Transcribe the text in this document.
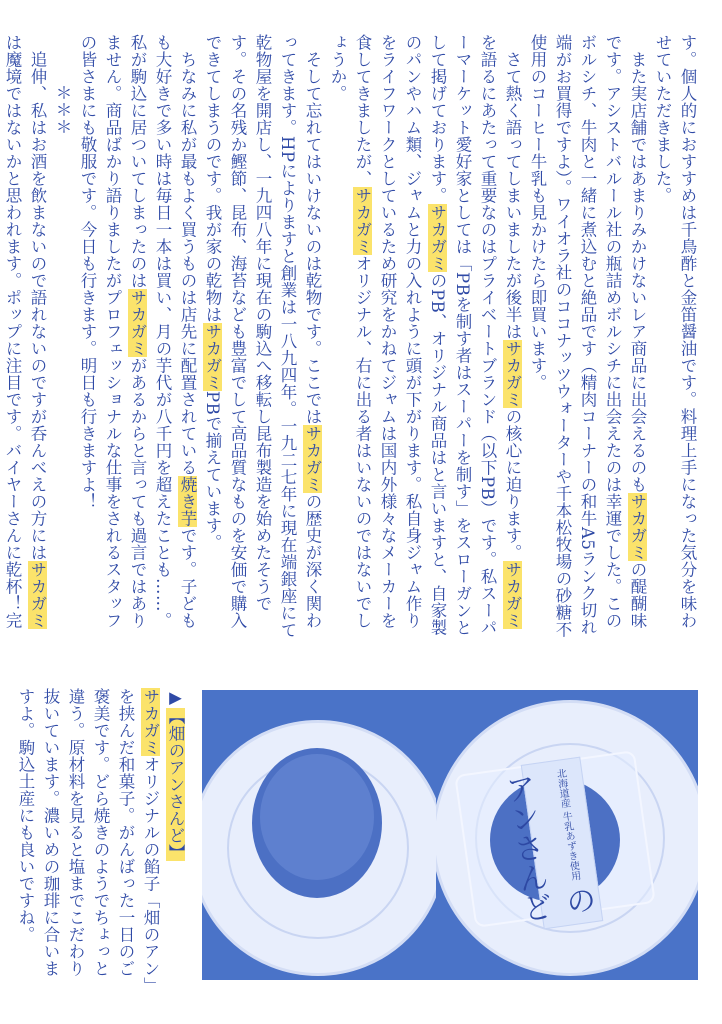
す。個人的におすすめは千鳥酢と金笛醤油です。料理上手になった気分を味わせていただきました。

また実店舗ではあまりみかけないレア商品に出会えるのもサカガミの醍醐味です。アシストバルール社の瓶詰めボルシチに出会えたのは幸運でした。このボルシチ、牛肉と一緒に煮込むと絶品です（精肉コーナーの和牛A5ランク切れ端がお買得ですよ）。ワイオラ社のココナッツウォーターや千本松牧場の砂糖不使用のコーヒー牛乳も見かけたら即買います。

さて熱く語ってしまいましたが後半はサカガミの核心に迫ります。サカガミを語るにあたって重要なのはプライベートブランド（以下PB）です。私スーパーマーケット愛好家としては「PBを制す者はスーパーを制す」をスローガンとして掲げております。サカガミのPB、オリジナル商品はと言いますと、自家製のパンやハム類、ジャムと力の入れように頭が下がります。私自身ジャム作りをライフワークとしているため研究をかねてジャムは国内外様々なメーカーを食してきましたが、サカガミオリジナル、右に出る者はいないのではないでしょうか。

そして忘れてはいけないのは乾物です。ここではサカガミの歴史が深く関わってきます。HPによりますと創業は一八九四年。一九二七年に現在端銀座にて乾物屋を開店し、一九四八年に現在の駒込へ移転し昆布製造を始めたそうです。その名残か鰹節、昆布、海苔なども豊富でして高品質なものを安価で購入できてしまうのです。我が家の乾物はサカガミPBで揃えています。

ちなみに私が最もよく買うものは店先に配置されている焼き芋です。子どもも大好きで多い時は毎日一本は買い、月の芋代が八千円を超えたことも……。私が駒込に居ついてしまったのはサカガミがあるからと言っても過言ではありません。商品ばかり語りましたがプロフェッショナルな仕事をされるスタッフの皆さまにも敬服です。今日も行きます。明日も行きますよ！

＊＊＊

追伸、私はお酒を飲まないので語れないのですが呑んべえの方にはサカガミは魔境ではないかと思われます。ポップに注目です。バイヤーさんに乾杯！完

北海道産 牛乳あずき使用 のアンさんど

▶【畑のアンさんど】

サカガミオリジナルの餡子「畑のアン」を挟んだ和菓子。がんばった一日のご褒美です。どら焼きのようでちょっと違う。原材料を見ると塩までこだわり抜いています。濃いめの珈琲に合いますよ。駒込土産にも良いですね。
